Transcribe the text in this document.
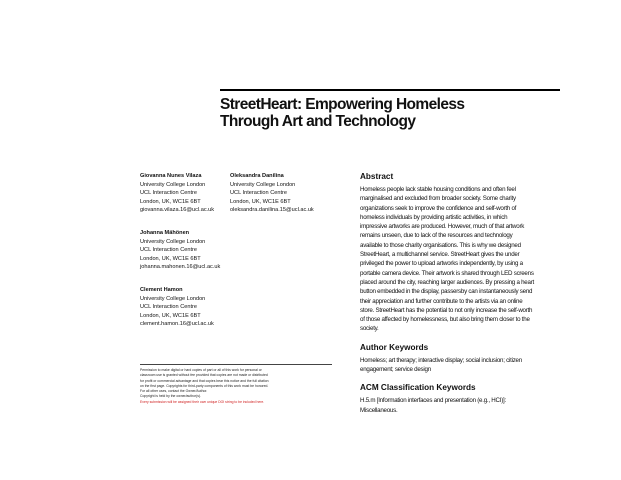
StreetHeart: Empowering Homeless
Through Art and Technology
Giovanna Nunes Vilaza
University College London
UCL Interaction Centre
London, UK, WC1E 6BT
giovanna.vilaza.16@ucl.ac.uk
Oleksandra Danilina
University College London
UCL Interaction Centre
London, UK, WC1E 6BT
oleksandra.danilina.15@ucl.ac.uk
Johanna Mähönen
University College London
UCL Interaction Centre
London, UK, WC1E 6BT
johanna.mahonen.16@ucl.ac.uk
Clement Hamon
University College London
UCL Interaction Centre
London, UK, WC1E 6BT
clement.hamon.16@ucl.ac.uk
Permission to make digital or hard copies of part or all of this work for personal or
classroom use is granted without fee provided that copies are not made or distributed
for profit or commercial advantage and that copies bear this notice and the full citation
on the first page. Copyrights for third-party components of this work must be honored.
For all other uses, contact the Owner/Author.
Copyright is held by the owner/author(s).
Every submission will be assigned their own unique DOI string to be included here.
Abstract

Homeless people lack stable housing conditions and often feel marginalised and excluded from broader society. Some charity organizations seek to improve the confidence and self-worth of homeless individuals by providing artistic activities, in which impressive artworks are produced. However, much of that artwork remains unseen, due to lack of the resources and technology available to those charity organisations. This is why we designed StreetHeart, a multichannel service. StreetHeart gives the under privileged the power to upload artworks independently, by using a portable camera device. Their artwork is shared through LED screens placed around the city, reaching larger audiences. By pressing a heart button embedded in the display, passersby can instantaneously send their appreciation and further contribute to the artists via an online store. StreetHeart has the potential to not only increase the self-worth of those affected by homelessness, but also bring them closer to the society.

Author Keywords

Homeless; art therapy; interactive display; social inclusion; citizen engagement; service design

ACM Classification Keywords

H.5.m [Information interfaces and presentation (e.g., HCI)]: Miscellaneous.
